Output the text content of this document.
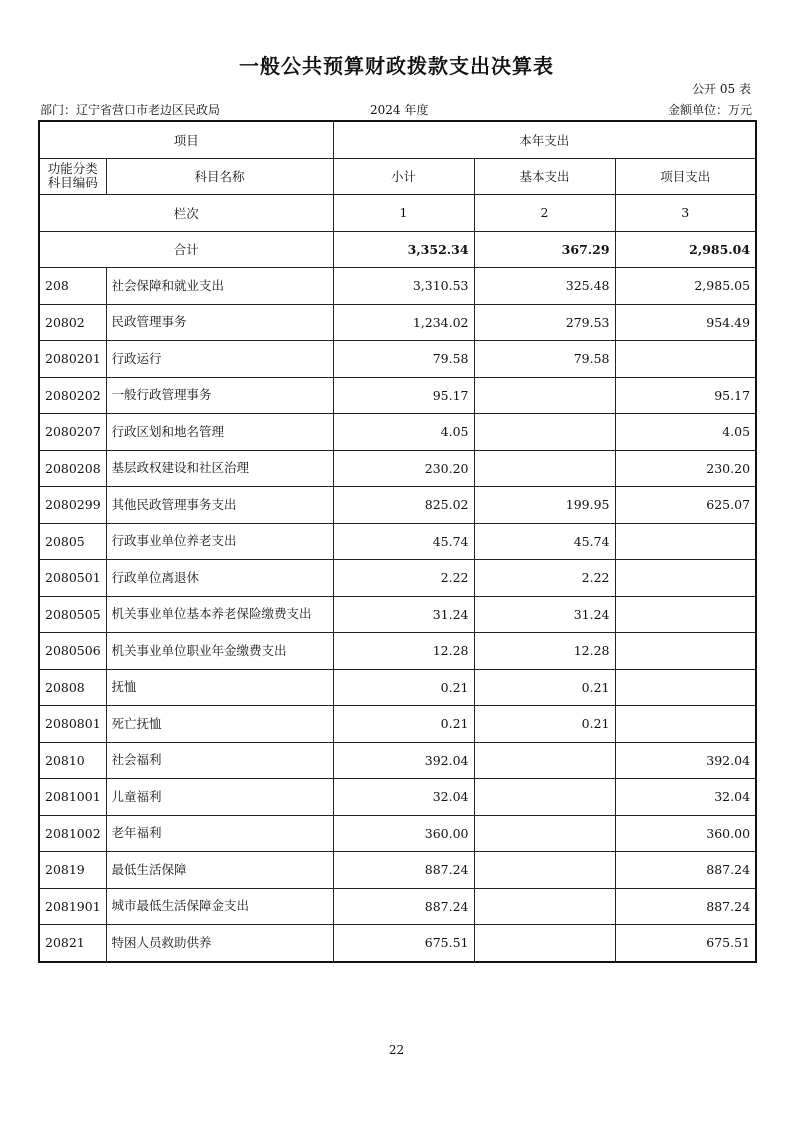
一般公共预算财政拨款支出决算表
公开 05 表
部门：辽宁省营口市老边区民政局	2024 年度	金额单位：万元
项目		本年支出		
功能分类科目编码	科目名称	小计	基本支出	项目支出
栏次		1	2	3
合计		3,352.34	367.29	2,985.04
208	社会保障和就业支出	3,310.53	325.48	2,985.05
20802	民政管理事务	1,234.02	279.53	954.49
2080201	行政运行	79.58	79.58	
2080202	一般行政管理事务	95.17		95.17
2080207	行政区划和地名管理	4.05		4.05
2080208	基层政权建设和社区治理	230.20		230.20
2080299	其他民政管理事务支出	825.02	199.95	625.07
20805	行政事业单位养老支出	45.74	45.74	
2080501	行政单位离退休	2.22	2.22	
2080505	机关事业单位基本养老保险缴费支出	31.24	31.24	
2080506	机关事业单位职业年金缴费支出	12.28	12.28	
20808	抚恤	0.21	0.21	
2080801	死亡抚恤	0.21	0.21	
20810	社会福利	392.04		392.04
2081001	儿童福利	32.04		32.04
2081002	老年福利	360.00		360.00
20819	最低生活保障	887.24		887.24
2081901	城市最低生活保障金支出	887.24		887.24
20821	特困人员救助供养	675.51		675.51
22
